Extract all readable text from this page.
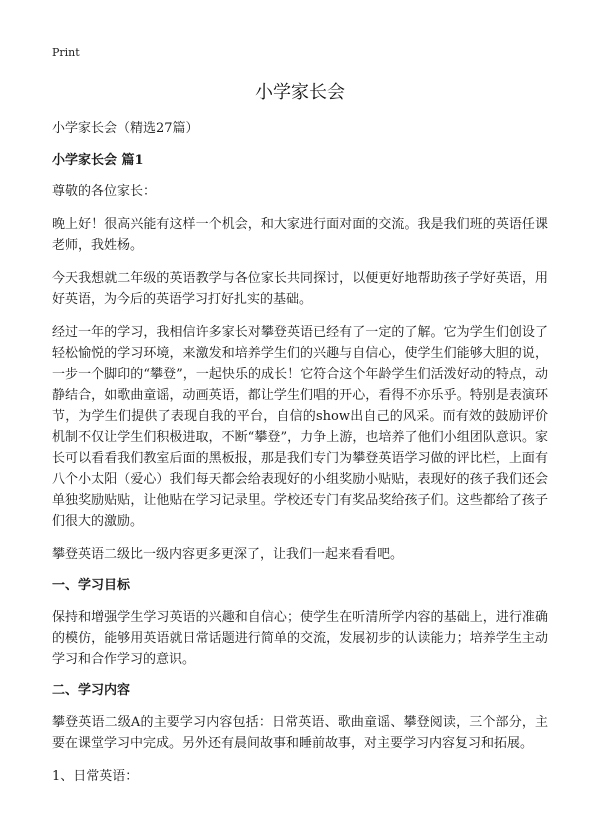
Print
小学家长会
小学家长会（精选27篇）
小学家长会 篇1
尊敬的各位家长：
晚上好！很高兴能有这样一个机会，和大家进行面对面的交流。我是我们班的英语任课老师，我姓杨。
今天我想就二年级的英语教学与各位家长共同探讨，以便更好地帮助孩子学好英语，用好英语，为今后的英语学习打好扎实的基础。
经过一年的学习，我相信许多家长对攀登英语已经有了一定的了解。它为学生们创设了轻松愉悦的学习环境，来激发和培养学生们的兴趣与自信心，使学生们能够大胆的说，一步一个脚印的“攀登”，一起快乐的成长！它符合这个年龄学生们活泼好动的特点，动静结合，如歌曲童谣，动画英语，都让学生们唱的开心，看得不亦乐乎。特别是表演环节，为学生们提供了表现自我的平台，自信的show出自己的风采。而有效的鼓励评价机制不仅让学生们积极进取，不断“攀登”，力争上游，也培养了他们小组团队意识。家长可以看看我们教室后面的黑板报，那是我们专门为攀登英语学习做的评比栏，上面有八个小太阳（爱心）我们每天都会给表现好的小组奖励小贴贴，表现好的孩子我们还会单独奖励贴贴，让他贴在学习记录里。学校还专门有奖品奖给孩子们。这些都给了孩子们很大的激励。
攀登英语二级比一级内容更多更深了，让我们一起来看看吧。
一、学习目标
保持和增强学生学习英语的兴趣和自信心；使学生在听清所学内容的基础上，进行准确的模仿，能够用英语就日常话题进行简单的交流，发展初步的认读能力；培养学生主动学习和合作学习的意识。
二、学习内容
攀登英语二级A的主要学习内容包括：日常英语、歌曲童谣、攀登阅读，三个部分，主要在课堂学习中完成。另外还有晨间故事和睡前故事，对主要学习内容复习和拓展。
1、日常英语：
